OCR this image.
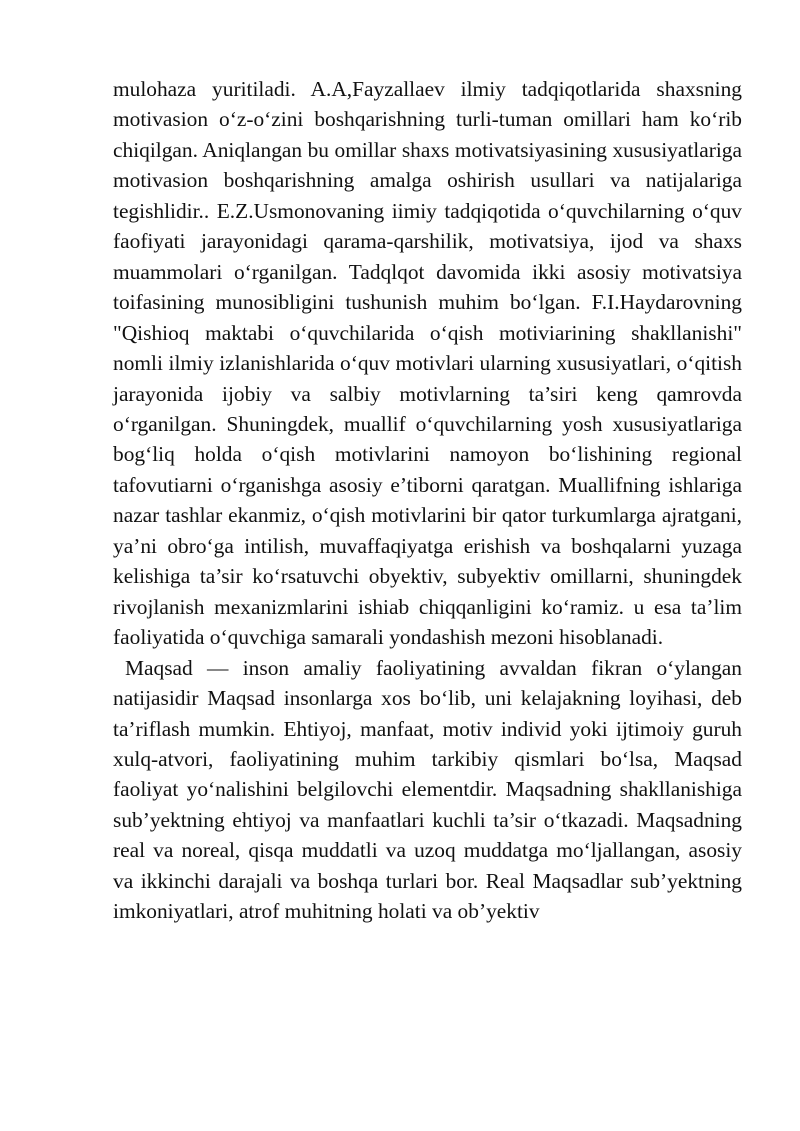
mulohaza yuritiladi. A.A,Fayzallaev ilmiy tadqiqotlarida shaxsning motivasion o‘z-o‘zini boshqarishning turli-tuman omillari ham ko‘rib chiqilgan. Aniqlangan bu omillar shaxs motivatsiyasining xususiyatlariga motivasion boshqarishning amalga oshirish usullari va natijalariga tegishlidir.. E.Z.Usmonovaning iimiy tadqiqotida o‘quvchilarning o‘quv faofiyati jarayonidagi qarama-qarshilik, motivatsiya, ijod va shaxs muammolari o‘rganilgan. Tadqlqot davomida ikki asosiy motivatsiya toifasining munosibligini tushunish muhim bo‘lgan. F.I.Haydarovning "Qishioq maktabi o‘quvchilarida o‘qish motiviarining shakllanishi" nomli ilmiy izlanishlarida o‘quv motivlari ularning xususiyatlari, o‘qitish jarayonida ijobiy va salbiy motivlarning ta’siri keng qamrovda o‘rganilgan. Shuningdek, muallif o‘quvchilarning yosh xususiyatlariga bog‘liq holda o‘qish motivlarini namoyon bo‘lishining regional tafovutiarni o‘rganishga asosiy e’tiborni qaratgan. Muallifning ishlariga nazar tashlar ekanmiz, o‘qish motivlarini bir qator turkumlarga ajratgani, ya’ni obro‘ga intilish, muvaffaqiyatga erishish va boshqalarni yuzaga kelishiga ta’sir ko‘rsatuvchi obyektiv, subyektiv omillarni, shuningdek rivojlanish mexanizmlarini ishiab chiqqanligini ko‘ramiz. u esa ta’lim faoliyatida o‘quvchiga samarali yondashish mezoni hisoblanadi.

Maqsad — inson amaliy faoliyatining avvaldan fikran o‘ylangan natijasidir Maqsad insonlarga xos bo‘lib, uni kelajakning loyihasi, deb ta’riflash mumkin. Ehtiyoj, manfaat, motiv individ yoki ijtimoiy guruh xulq-atvori, faoliyatining muhim tarkibiy qismlari bo‘lsa, Maqsad faoliyat yo‘nalishini belgilovchi elementdir. Maqsadning shakllanishiga sub’yektning ehtiyoj va manfaatlari kuchli ta’sir o‘tkazadi. Maqsadning real va noreal, qisqa muddatli va uzoq muddatga mo‘ljallangan, asosiy va ikkinchi darajali va boshqa turlari bor. Real Maqsadlar sub’yektning imkoniyatlari, atrof muhitning holati va ob’yektiv
